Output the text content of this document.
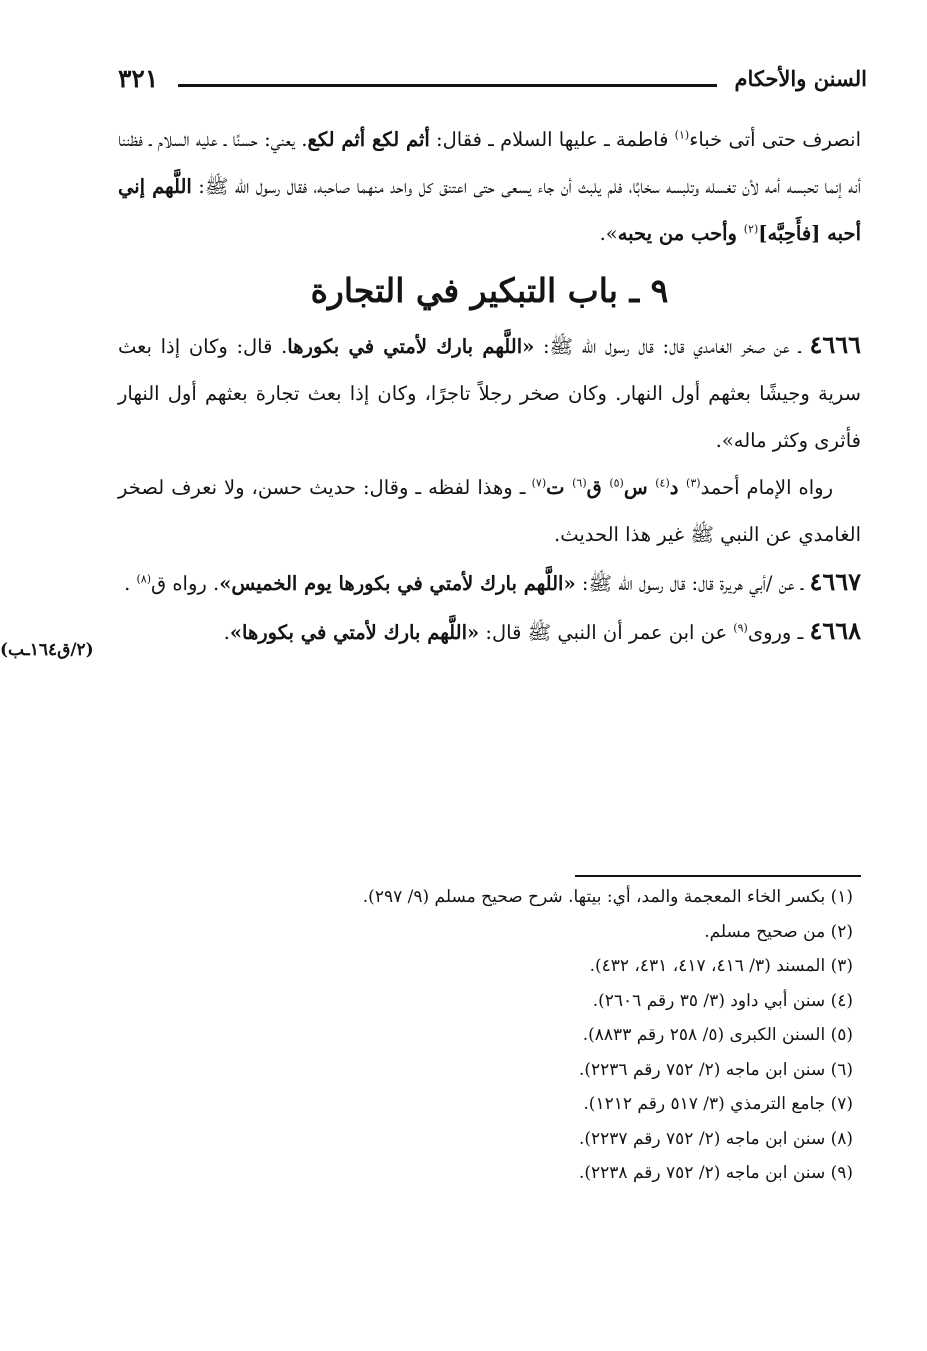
السنن والأحكام
٣٢١

انصرف حتى أتى خباء$^{(١)}$ فاطمة ـ عليها السلام ـ فقال: أثم لكع أثم لكع. يعني: حسنًا ـ عليه السلام ـ فظننا أنه إنما تحبسه أمه لأن تغسله وتلبسه سخابًا، فلم يلبث أن جاء يسعى حتى اعتنق كل واحد منهما صاحبه، فقال رسول الله ﷺ: اللَّهم إني أحبه [فأَحِبَّه]$^{(٢)}$ وأحب من يحبه».

٩ ـ باب التبكير في التجارة

٤٦٦٦ ـ عن صخر الغامدي قال: قال رسول الله ﷺ: «اللَّهم بارك لأمتي في بكورها. قال: وكان إذا بعث سرية وجيشًا بعثهم أول النهار. وكان صخر رجلاً تاجرًا، وكان إذا بعث تجارة بعثهم أول النهار فأثرى وكثر ماله».

رواه الإمام أحمد$^{(٣)}$ د$^{(٤)}$ س$^{(٥)}$ ق$^{(٦)}$ ت$^{(٧)}$ ـ وهذا لفظه ـ وقال: حديث حسن، ولا نعرف لصخر الغامدي عن النبي ﷺ غير هذا الحديث.

٤٦٦٧ ـ عن /أبي هريرة قال: قال رسول الله ﷺ: «اللَّهم بارك لأمتي في بكورها يوم الخميس». رواه ق$^{(٨)}$ .

٤٦٦٨ ـ وروى$^{(٩)}$ عن ابن عمر أن النبي ﷺ قال: «اللَّهم بارك لأمتي في بكورها».

(٢/ق١٦٤ـب)
(١) بكسر الخاء المعجمة والمد، أي: بيتها. شرح صحيح مسلم (٩/ ٢٩٧).
(٢) من صحيح مسلم.
(٣) المسند (٣/ ٤١٦، ٤١٧، ٤٣١، ٤٣٢).
(٤) سنن أبي داود (٣/ ٣٥ رقم ٢٦٠٦).
(٥) السنن الكبرى (٥/ ٢٥٨ رقم ٨٨٣٣).
(٦) سنن ابن ماجه (٢/ ٧٥٢ رقم ٢٢٣٦).
(٧) جامع الترمذي (٣/ ٥١٧ رقم ١٢١٢).
(٨) سنن ابن ماجه (٢/ ٧٥٢ رقم ٢٢٣٧).
(٩) سنن ابن ماجه (٢/ ٧٥٢ رقم ٢٢٣٨).
